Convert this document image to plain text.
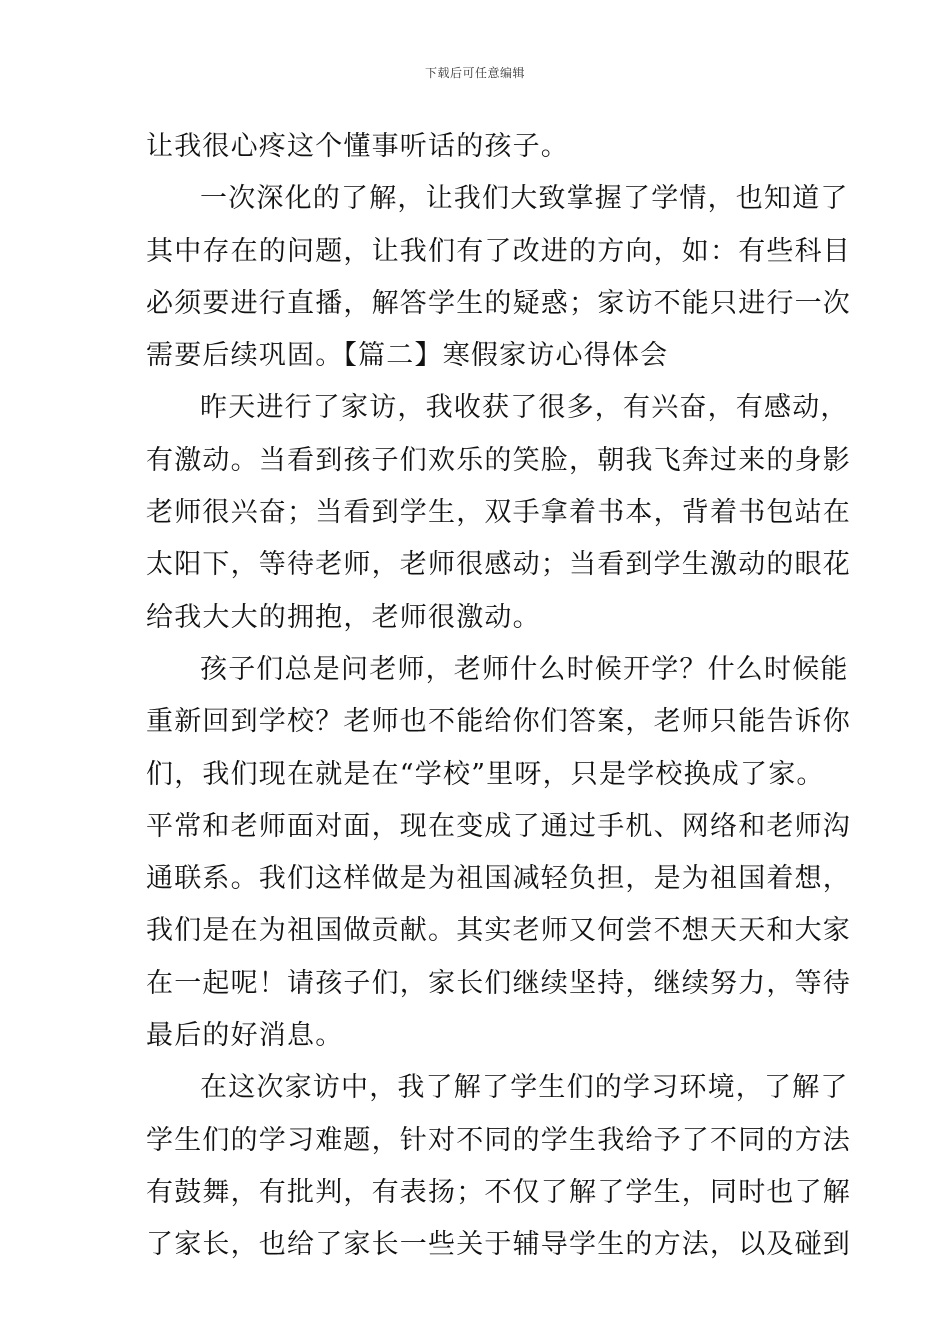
下载后可任意编辑
让我很心疼这个懂事听话的孩子。
一次深化的了解，让我们大致掌握了学情，也知道了
其中存在的问题，让我们有了改进的方向，如：有些科目
必须要进行直播，解答学生的疑惑；家访不能只进行一次
需要后续巩固。【篇二】寒假家访心得体会
昨天进行了家访，我收获了很多，有兴奋，有感动，
有激动。当看到孩子们欢乐的笑脸，朝我飞奔过来的身影
老师很兴奋；当看到学生，双手拿着书本，背着书包站在
太阳下，等待老师，老师很感动；当看到学生激动的眼花
给我大大的拥抱，老师很激动。
孩子们总是问老师，老师什么时候开学？什么时候能
重新回到学校？老师也不能给你们答案，老师只能告诉你
们，我们现在就是在“学校”里呀，只是学校换成了家。
平常和老师面对面，现在变成了通过手机、网络和老师沟
通联系。我们这样做是为祖国减轻负担，是为祖国着想，
我们是在为祖国做贡献。其实老师又何尝不想天天和大家
在一起呢！请孩子们，家长们继续坚持，继续努力，等待
最后的好消息。
在这次家访中，我了解了学生们的学习环境，了解了
学生们的学习难题，针对不同的学生我给予了不同的方法
有鼓舞，有批判，有表扬；不仅了解了学生，同时也了解
了家长，也给了家长一些关于辅导学生的方法，以及碰到
